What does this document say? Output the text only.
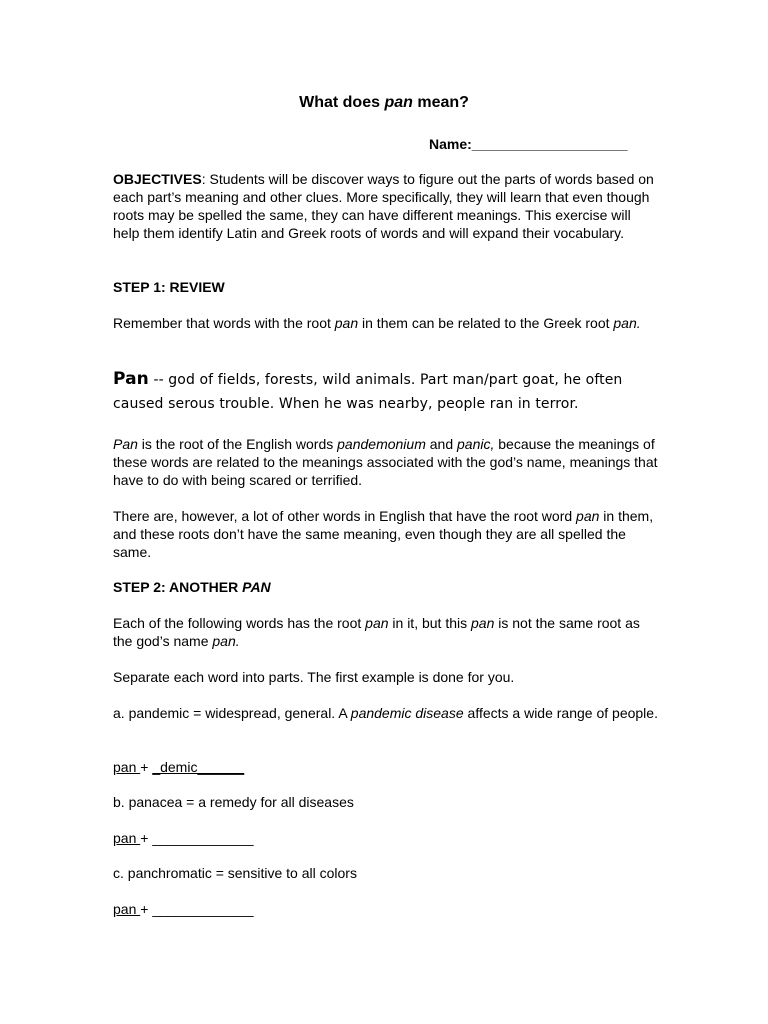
What does pan mean?
Name:____________________

OBJECTIVES: Students will be discover ways to figure out the parts of words based on each part’s meaning and other clues. More specifically, they will learn that even though roots may be spelled the same, they can have different meanings. This exercise will help them identify Latin and Greek roots of words and will expand their vocabulary.

STEP 1: REVIEW

Remember that words with the root pan in them can be related to the Greek root pan.

Pan -- god of fields, forests, wild animals. Part man/part goat, he often caused serous trouble. When he was nearby, people ran in terror.

Pan is the root of the English words pandemonium and panic, because the meanings of these words are related to the meanings associated with the god’s name, meanings that have to do with being scared or terrified.

There are, however, a lot of other words in English that have the root word pan in them, and these roots don’t have the same meaning, even though they are all spelled the same.

STEP 2: ANOTHER PAN

Each of the following words has the root pan in it, but this pan is not the same root as the god’s name pan.

Separate each word into parts. The first example is done for you.

a. pandemic = widespread, general. A pandemic disease affects a wide range of people.

pan + _demic______

b. panacea = a remedy for all diseases

pan + _____________

c. panchromatic = sensitive to all colors

pan + _____________
